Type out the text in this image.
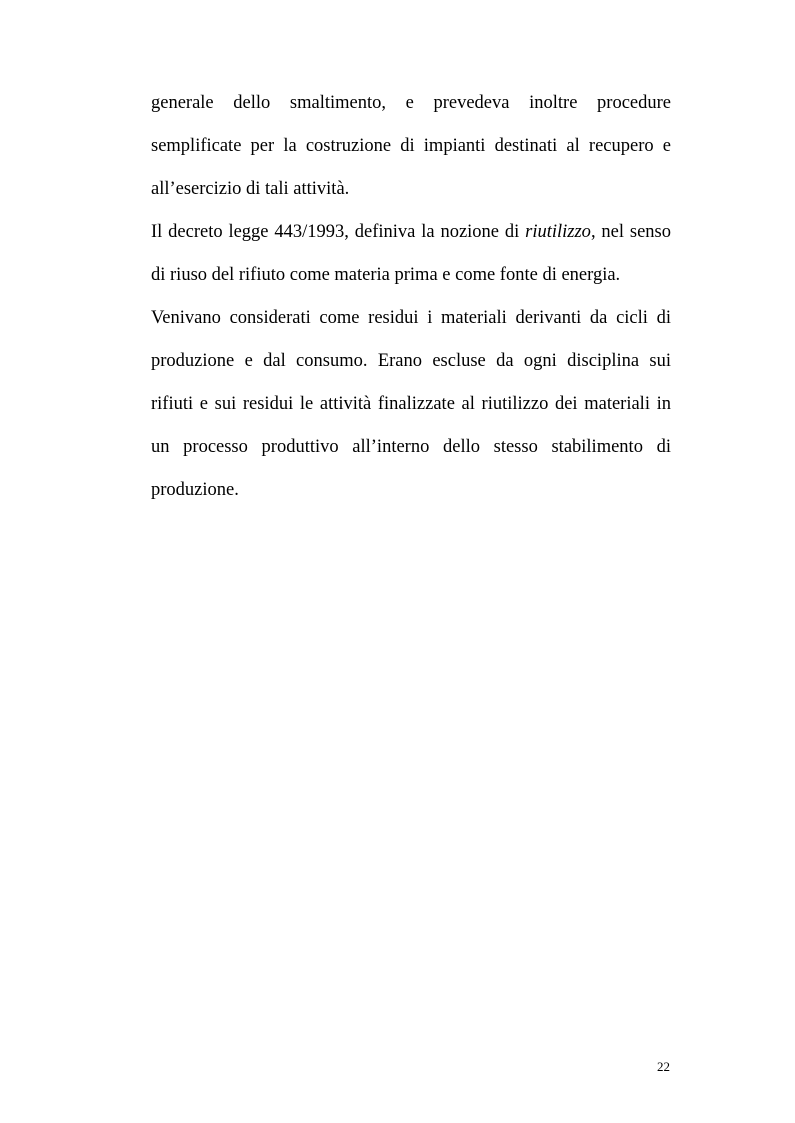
generale dello smaltimento, e prevedeva inoltre procedure
semplificate per la costruzione di impianti destinati al recupero e
all’esercizio di tali attività.
Il decreto legge 443/1993, definiva la nozione di riutilizzo, nel senso
di riuso del rifiuto come materia prima e come fonte di energia.
Venivano considerati come residui i materiali derivanti da cicli di
produzione e dal consumo. Erano escluse da ogni disciplina sui
rifiuti e sui residui le attività finalizzate al riutilizzo dei materiali in
un processo produttivo all’interno dello stesso stabilimento di
produzione.
22
